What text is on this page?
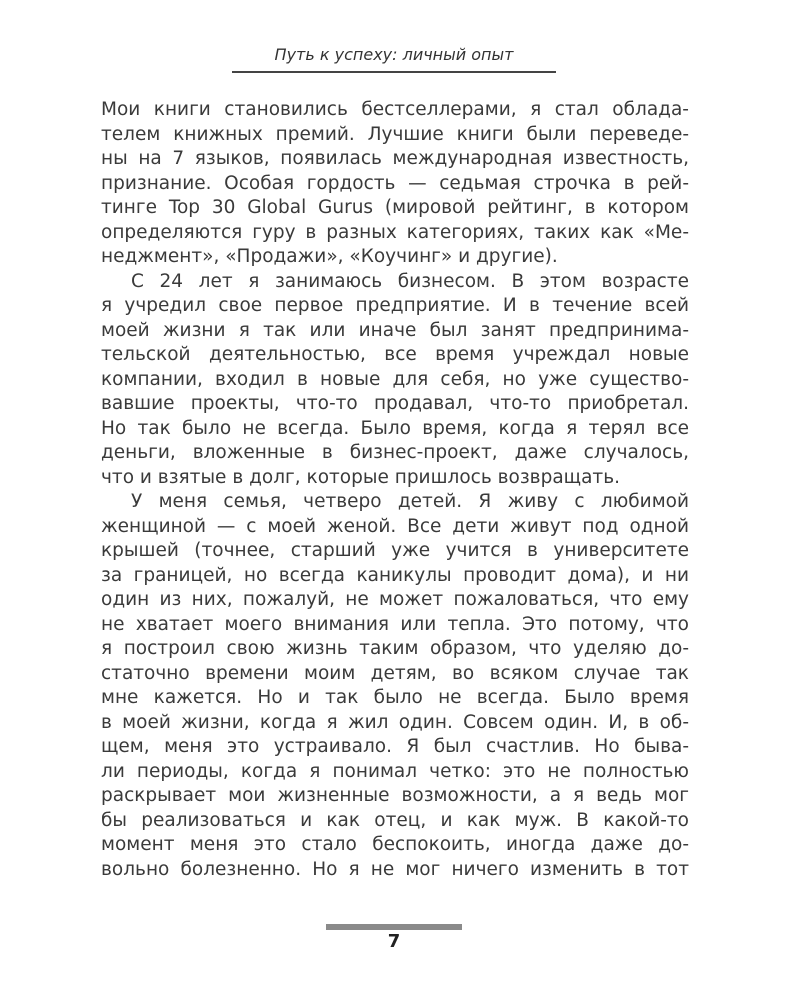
Путь к успеху: личный опыт
Мои книги становились бестселлерами, я стал облада-
телем книжных премий. Лучшие книги были переведе-
ны на 7 языков, появилась международная известность,
признание. Особая гордость — седьмая строчка в рей-
тинге Top 30 Global Gurus (мировой рейтинг, в котором
определяются гуру в разных категориях, таких как «Ме-
неджмент», «Продажи», «Коучинг» и другие).
С 24 лет я занимаюсь бизнесом. В этом возрасте
я учредил свое первое предприятие. И в течение всей
моей жизни я так или иначе был занят предпринима-
тельской деятельностью, все время учреждал новые
компании, входил в новые для себя, но уже существо-
вавшие проекты, что-то продавал, что-то приобретал.
Но так было не всегда. Было время, когда я терял все
деньги, вложенные в бизнес-проект, даже случалось,
что и взятые в долг, которые пришлось возвращать.
У меня семья, четверо детей. Я живу с любимой
женщиной — с моей женой. Все дети живут под одной
крышей (точнее, старший уже учится в университете
за границей, но всегда каникулы проводит дома), и ни
один из них, пожалуй, не может пожаловаться, что ему
не хватает моего внимания или тепла. Это потому, что
я построил свою жизнь таким образом, что уделяю до-
статочно времени моим детям, во всяком случае так
мне кажется. Но и так было не всегда. Было время
в моей жизни, когда я жил один. Совсем один. И, в об-
щем, меня это устраивало. Я был счастлив. Но быва-
ли периоды, когда я понимал четко: это не полностью
раскрывает мои жизненные возможности, а я ведь мог
бы реализоваться и как отец, и как муж. В какой-то
момент меня это стало беспокоить, иногда даже до-
вольно болезненно. Но я не мог ничего изменить в тот
7
